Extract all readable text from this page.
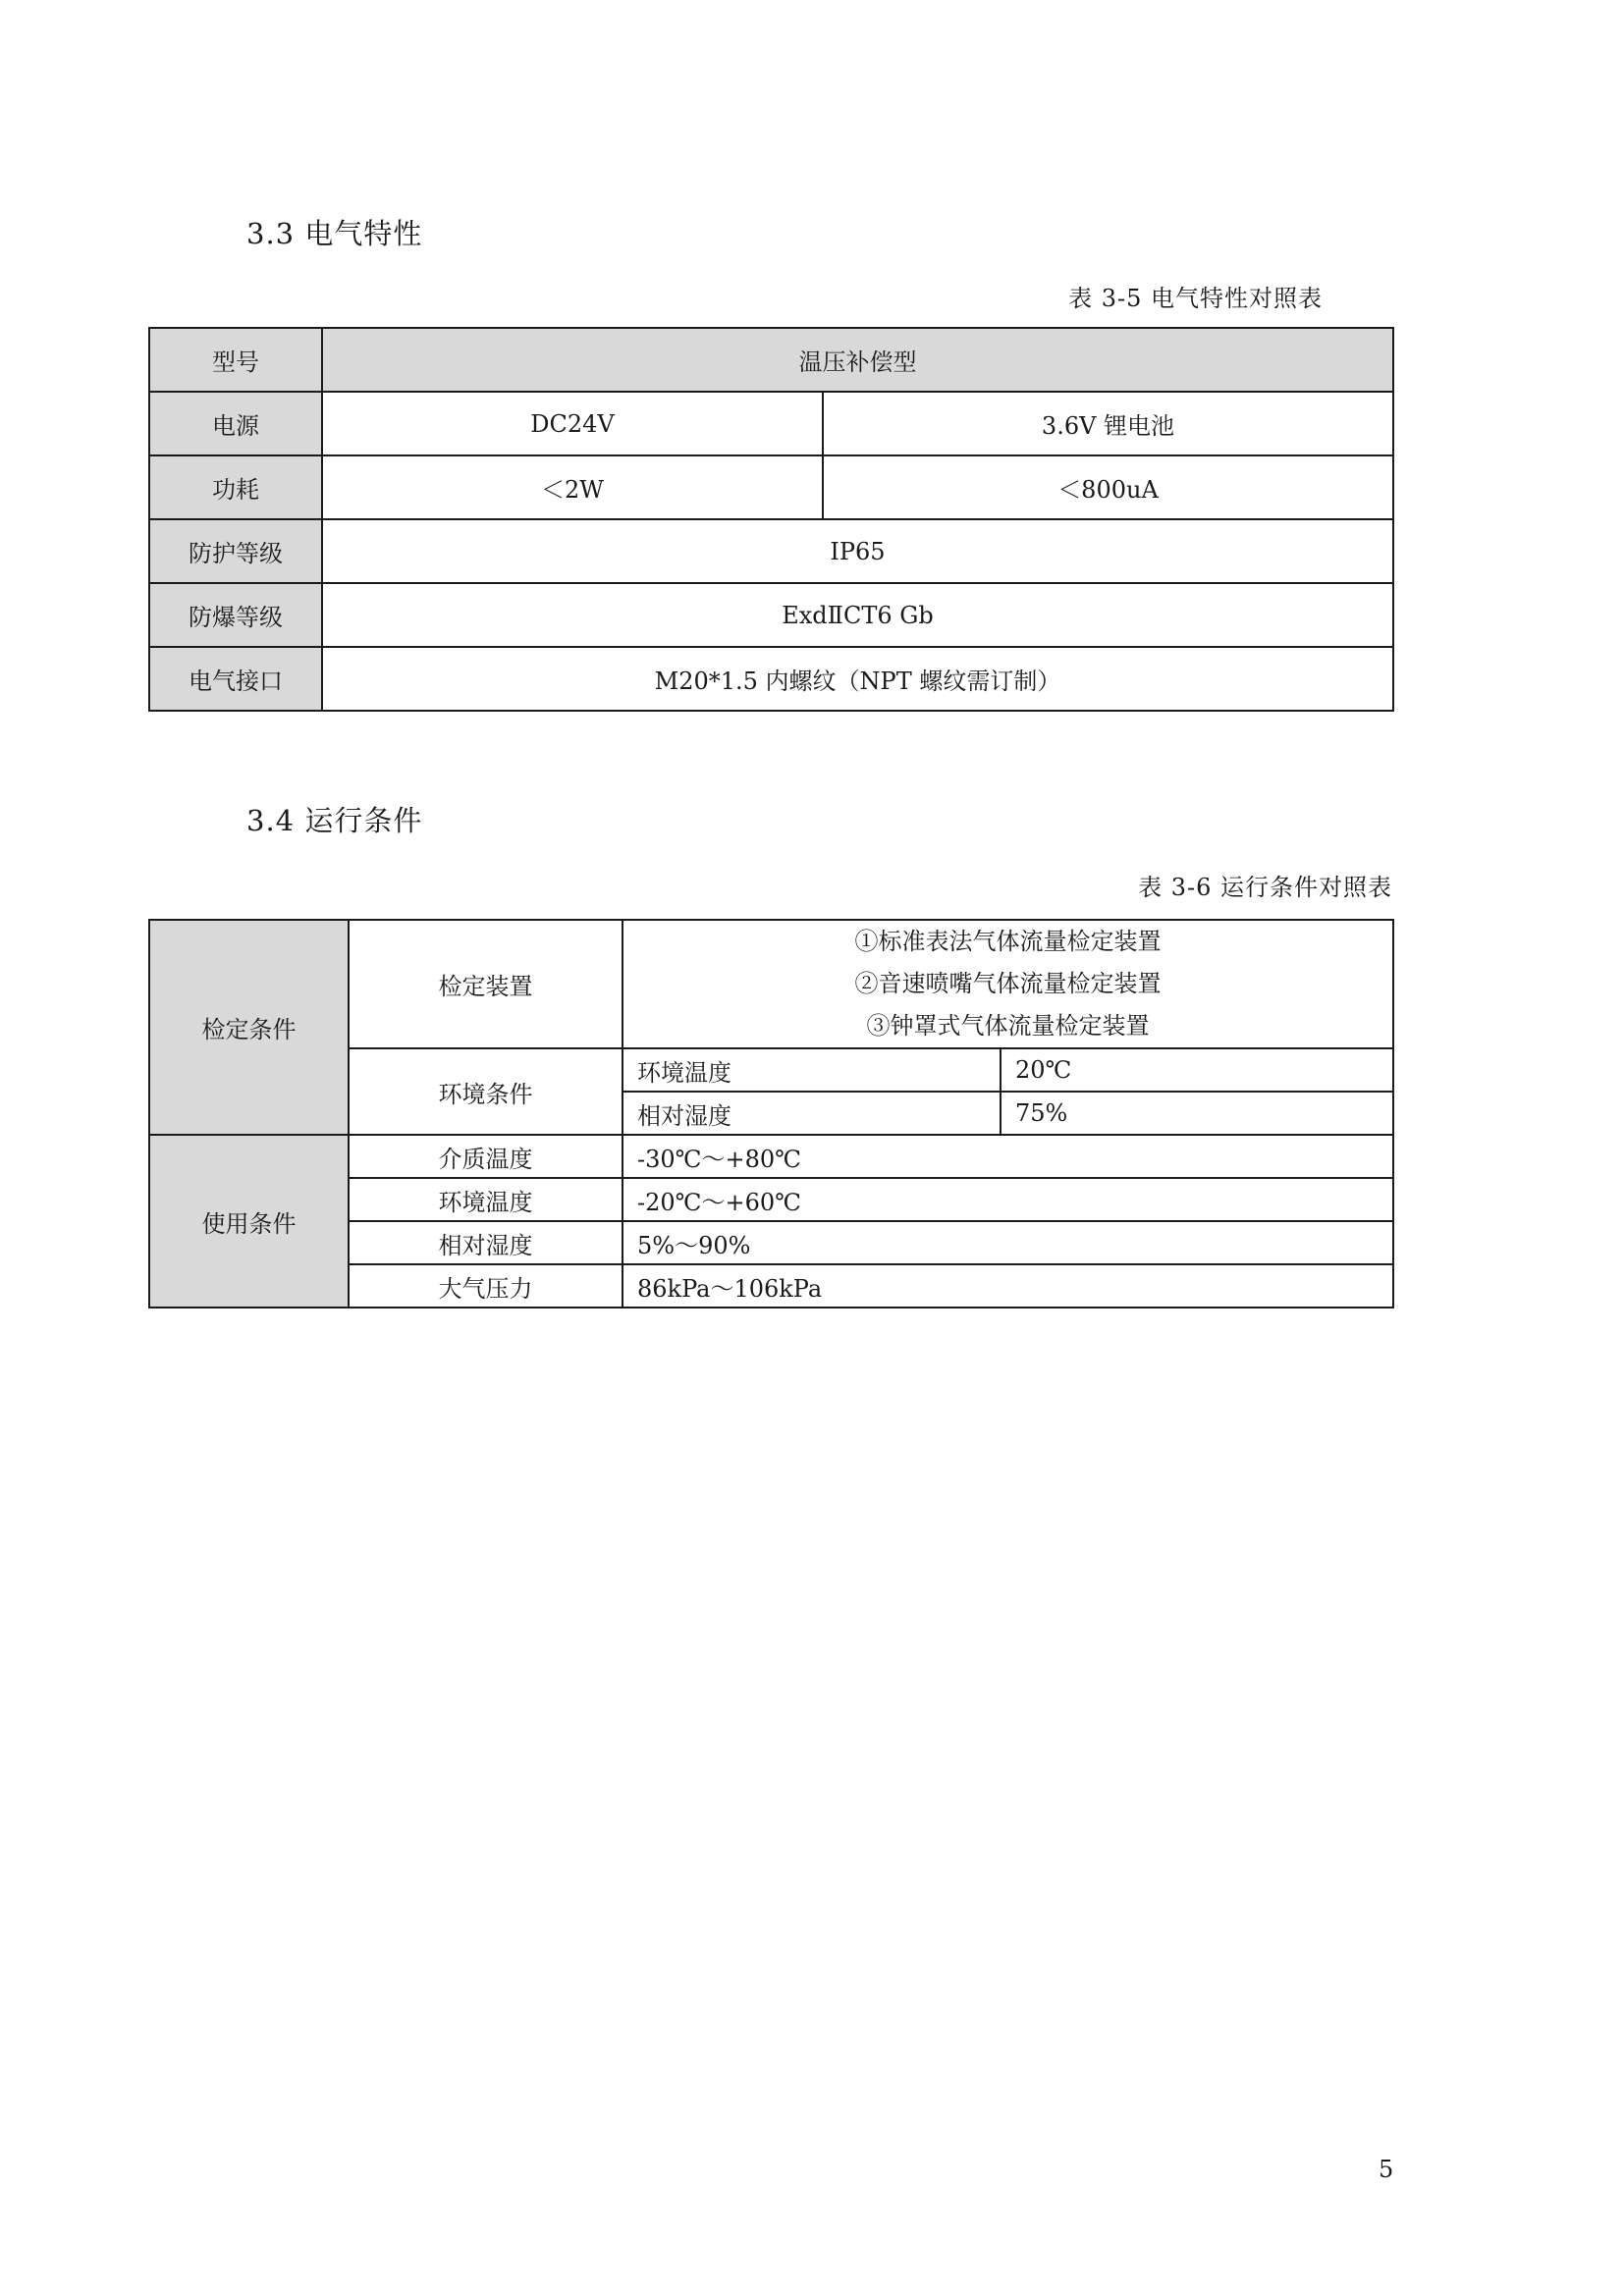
3.3 电气特性
表 3-5 电气特性对照表
型号	温压补偿型	
电源	DC24V	3.6V 锂电池
功耗	＜2W	＜800uA
防护等级	IP65	
防爆等级	ExdⅡCT6 Gb	
电气接口	M20*1.5 内螺纹（NPT 螺纹需订制）	
3.4 运行条件
表 3-6 运行条件对照表
检定条件	检定装置	①标准表法气体流量检定装置
②音速喷嘴气体流量检定装置
③钟罩式气体流量检定装置	

	环境条件	环境温度	20℃
		相对湿度	75%
使用条件	介质温度	-30℃～+80℃	
	环境温度	-20℃～+60℃	
	相对湿度	5%～90%	
	大气压力	86kPa～106kPa	
5
